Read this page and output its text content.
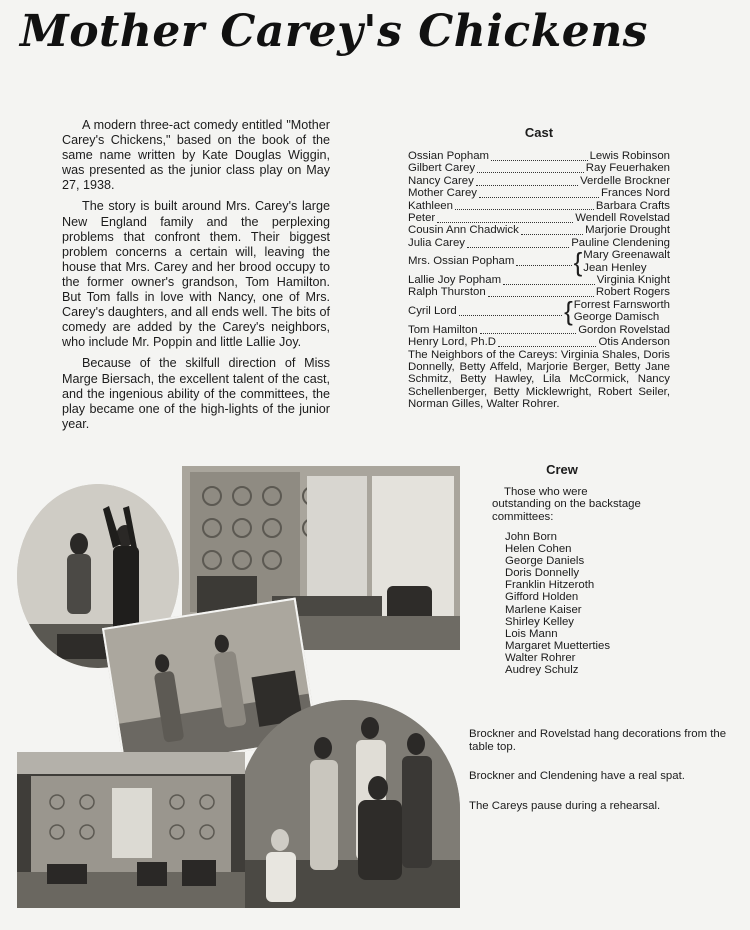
Mother Carey's Chickens

A modern three-act comedy entitled "Mother Carey's Chickens," based on the book of the same name written by Kate Douglas Wiggin, was presented as the junior class play on May 27, 1938.

The story is built around Mrs. Carey's large New England family and the perplexing problems that confront them. Their biggest problem concerns a certain will, leaving the house that Mrs. Carey and her brood occupy to the former owner's grandson, Tom Hamilton. But Tom falls in love with Nancy, one of Mrs. Carey's daughters, and all ends well. The bits of comedy are added by the Carey's neighbors, who include Mr. Poppin and little Lallie Joy.

Because of the skilfull direction of Miss Marge Biersach, the excellent talent of the cast, and the ingenious ability of the committees, the play became one of the high-lights of the junior year.

Cast
Ossian Popham	Lewis Robinson
Gilbert Carey	Ray Feuerhaken
Nancy Carey	Verdelle Brockner
Mother Carey	Frances Nord
Kathleen	Barbara Crafts
Peter	Wendell Rovelstad
Cousin Ann Chadwick	Marjorie Drought
Julia Carey	Pauline Clendening
Mrs. Ossian Popham { Mary Greenawalt
Jean Henley
Lallie Joy Popham	Virginia Knight
Ralph Thurston	Robert Rogers
Cyril Lord	{ Forrest Farnsworth
George Damisch
Tom Hamilton	Gordon Rovelstad
Henry Lord, Ph.D	Otis Anderson
The Neighbors of the Careys: Virginia Shales, Doris Donnelly, Betty Affeld, Marjorie Berger, Betty Jane Schmitz, Betty Hawley, Lila McCormick, Nancy Schellenberger, Betty Micklewright, Robert Seiler, Norman Gilles, Walter Rohrer.
Crew
Those who were outstanding on the backstage committees:
John Born
Helen Cohen
George Daniels
Doris Donnelly
Franklin Hitzeroth
Gifford Holden
Marlene Kaiser
Shirley Kelley
Lois Mann
Margaret Muetterties
Walter Rohrer
Audrey Schulz
Brockner and Rovelstad hang decorations from the table top.
Brockner and Clendening have a real spat.
The Careys pause during a rehearsal.
